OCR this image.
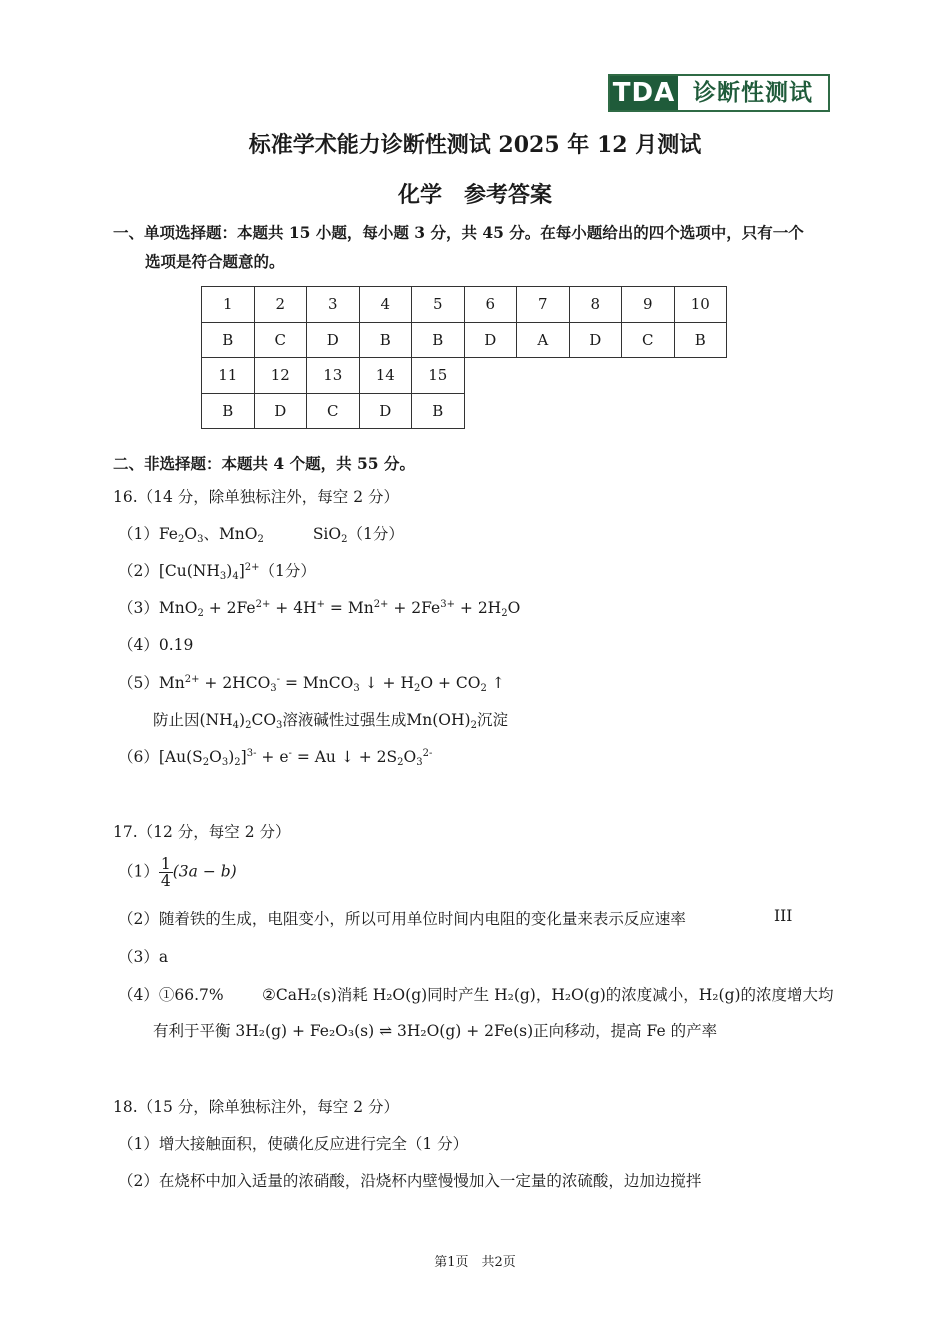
TDA 诊断性测试
标准学术能力诊断性测试 2025 年 12 月测试
化学　参考答案
一、单项选择题：本题共 15 小题，每小题 3 分，共 45 分。在每小题给出的四个选项中，只有一个
选项是符合题意的。
1	2	3	4	5	6	7	8	9	10
B	C	D	B	B	D	A	D	C	B
11	12	13	14	15					
B	D	C	D	B					
二、非选择题：本题共 4 个题，共 55 分。
16.（14 分，除单独标注外，每空 2 分）
$(1)Fe_2O_3$、MnO$_2$	SiO$_2$（1分）
$(2)[Cu(NH_3)_4]^{2+}(1$分）
$(3)MnO_2 + 2Fe^{2+} + 4H^+ = Mn^{2+} + 2Fe^{3+} + 2H_2O$
（4）0.19
$(5)Mn^{2+} + 2HCO_3^-$ = MnCO$_3$ ↓ + $H_2O + CO_2$ ↑
防止因$(NH_4)_2CO_3$溶液碱性过强生成$Mn(OH)_2$沉淀
$(6)[Au(S_2O_3)_2]^{3-} + e^- = Au$ ↓ + $2S_2O_3^{2-}$
17.（12 分，每空 2 分）
$(1) \frac{1}{4} (3a - b)$
（2）随着铁的生成，电阻变小，所以可用单位时间内电阻的变化量来表示反应速率	III
（3）a
（4）①66.7% ②CaH₂(s)消耗 H₂O(g)同时产生 H₂(g)，H₂O(g)的浓度减小，H₂(g)的浓度增大均
有利于平衡 3H₂(g) + Fe₂O₃(s) ⇌ 3H₂O(g) + 2Fe(s)正向移动，提高 Fe 的产率
18.（15 分，除单独标注外，每空 2 分）
（1）增大接触面积，使磺化反应进行完全（1 分）
（2）在烧杯中加入适量的浓硝酸，沿烧杯内壁慢慢加入一定量的浓硫酸，边加边搅拌
第1页　共2页
